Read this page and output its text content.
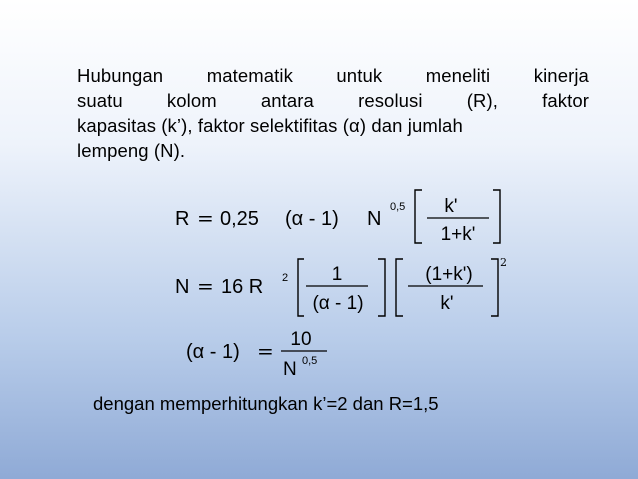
Hubungan matematik untuk meneliti kinerja
suatu kolom antara resolusi (R), faktor
kapasitas (k’), faktor selektifitas (α) dan jumlah
lempeng (N).
R = 0,25 (α - 1) N
0,5 k'
1+k'
N = 16 R 2 1
(α - 1)
(1+k')
k'
2
(α - 1) = 10
N 0,5
dengan memperhitungkan k’=2 dan R=1,5
